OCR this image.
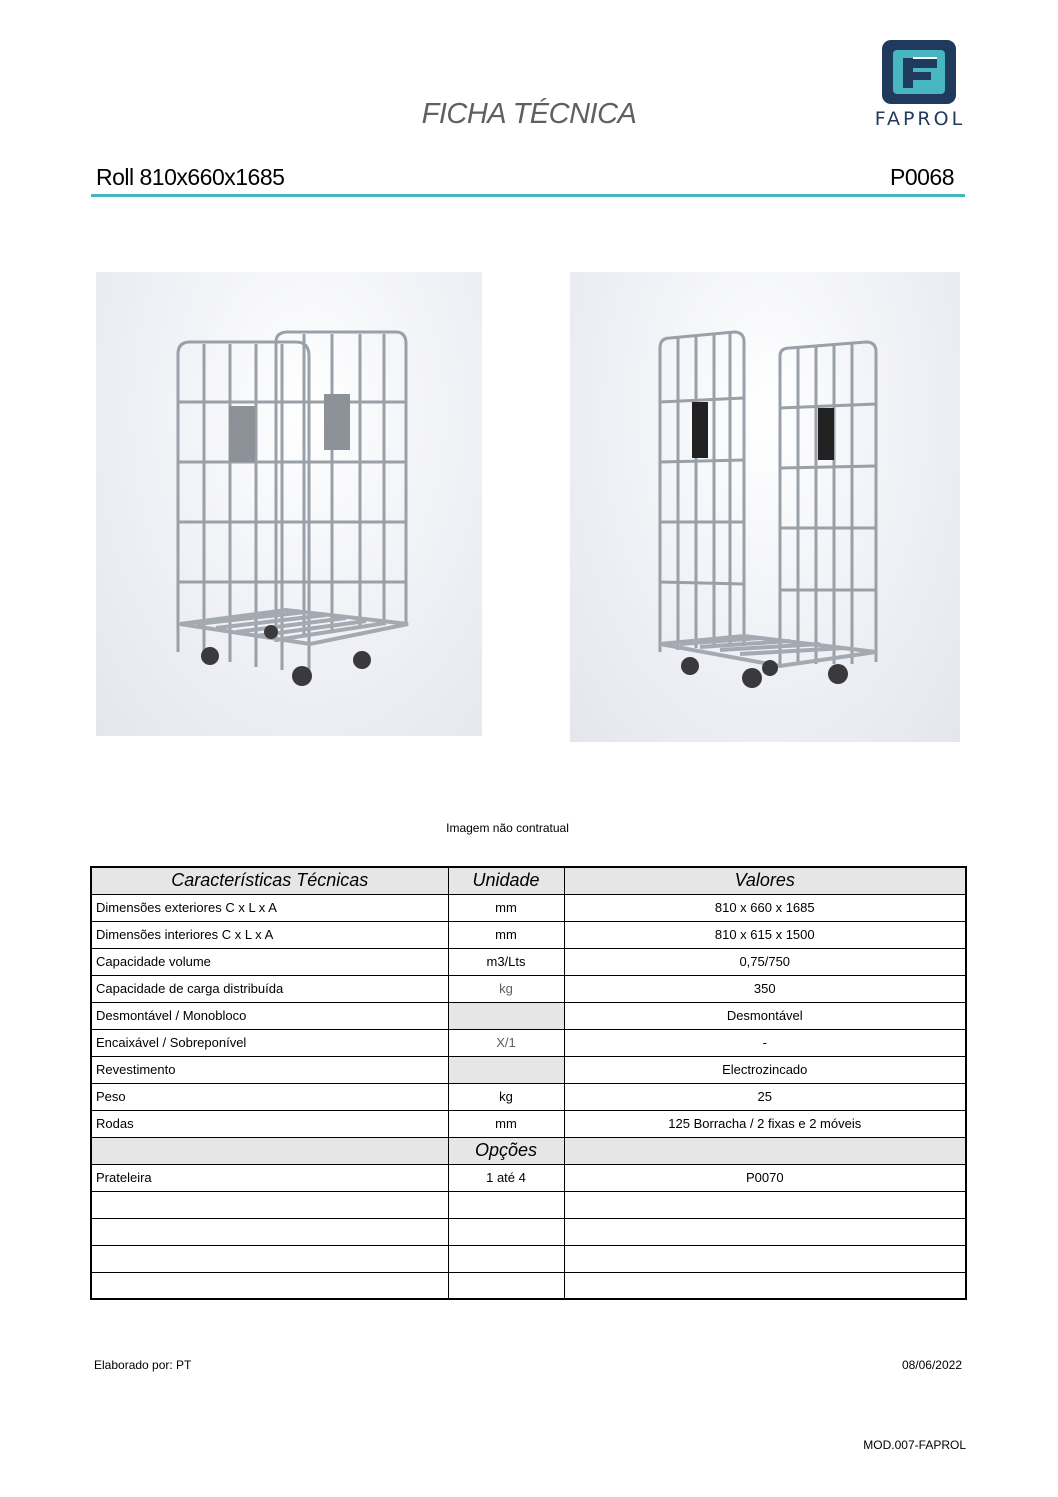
FICHA TÉCNICA	FAPROL
Roll 810x660x1685	P0068
Imagem não contratual
Características Técnicas	Unidade	Valores
Dimensões exteriores C x L x A	mm	810 x 660 x 1685
Dimensões interiores C x L x A	mm	810 x 615 x 1500
Capacidade volume	m3/Lts	0,75/750
Capacidade de carga distribuída	kg	350
Desmontável / Monobloco		Desmontável
Encaixável / Sobreponível	X/1	-
Revestimento		Electrozincado
Peso	kg	25
Rodas	mm	125 Borracha / 2 fixas e 2 móveis
	Opções	
Prateleira	1 até 4	P0070

Elaborado por: PT	08/06/2022
MOD.007-FAPROL
